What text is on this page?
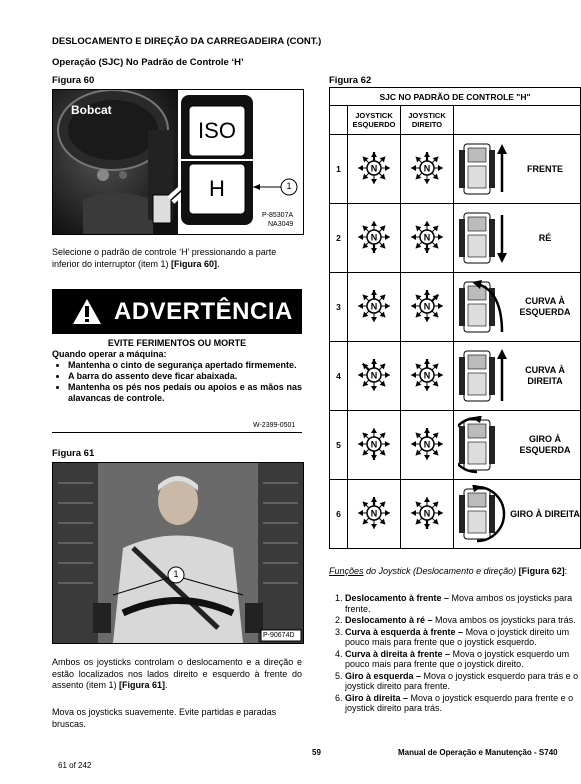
DESLOCAMENTO E DIREÇÃO DA CARREGADEIRA (CONT.)
Operação (SJC) No Padrão de Controle ‘H’
Figura 60
Bobcat
ISO
H	1
P-85307A
NA3049
Selecione o padrão de controle ‘H’ pressionando a parte inferior do interruptor (item 1) [Figura 60].
ADVERTÊNCIA
EVITE FERIMENTOS OU MORTE
Quando operar a máquina:
• Mantenha o cinto de segurança apertado firmemente.
• A barra do assento deve ficar abaixada.
• Mantenha os pés nos pedais ou apoios e as mãos nas alavancas de controle.
W-2399-0501
Figura 61
1
P-90674D
Ambos os joysticks controlam o deslocamento e a direção e estão localizados nos lados direito e esquerdo à frente do assento (item 1) [Figura 61].
Mova os joysticks suavemente. Evite partidas e paradas bruscas.
Figura 62
SJC NO PADRÃO DE CONTROLE "H"			
	JOYSTICK ESQUERDO	JOYSTICK DIREITO	
1	N	N	FRENTE

2	N	N	RÉ

3	N	N	CURVA À ESQUERDA

4	N	N	CURVA À DIREITA

5	N	N	GIRO À ESQUERDA

6	N	N	GIRO À DIREITA
Funções do Joystick (Deslocamento e direção) [Figura 62]:
1. Deslocamento à frente – Mova ambos os joysticks para frente.
2. Deslocamento à ré – Mova ambos os joysticks para trás.
3. Curva à esquerda à frente – Mova o joystick direito um pouco mais para frente que o joystick esquerdo.
4. Curva à direita à frente – Mova o joystick esquerdo um pouco mais para frente que o joystick direito.
5. Giro à esquerda – Mova o joystick esquerdo para trás e o joystick direito para frente.
6. Giro à direita – Mova o joystick esquerdo para frente e o joystick direito para trás.
59	Manual de Operação e Manutenção - S740
61 of 242
